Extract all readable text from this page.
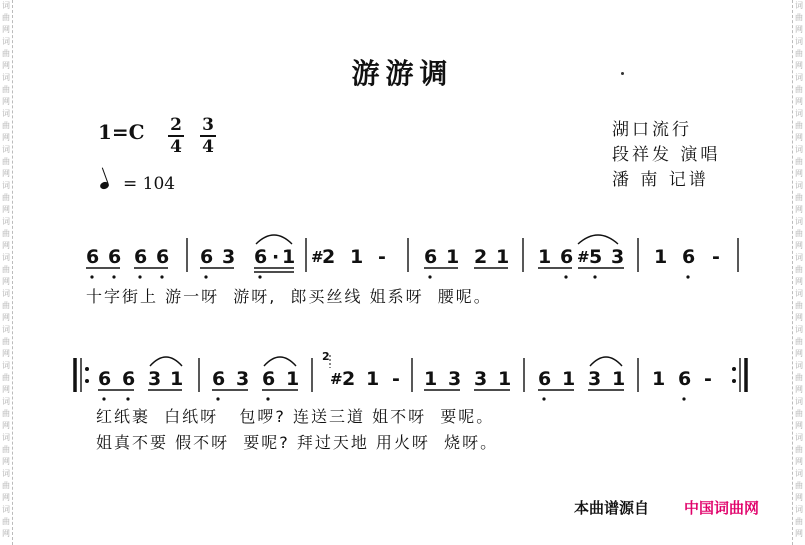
词
曲
网
词
曲
网
词
曲
网
词
曲
网
词
曲
网
词
曲
网
词
曲
网
词
曲
网
词
曲
网
词
曲
网
词
曲
网
词
曲
网
词
曲
网
词
曲
网
词
曲
网
词
曲
网
词
曲
网
词
曲
网
词
曲
网
词
曲
网
词
曲
网
词
曲
网
词
曲
网
词
曲
网
词
曲
网
词
曲
网
词
曲
网
词
曲
网
词
曲
网
词
曲
网
游游调
1=C 2
4
3
4
= 104
湖口流行
段祥发 演唱
潘 南 记谱
6 6 6 6 6 3 6 · 1 #
2 1 - 6 1 2 1 1 6 # 5 3 1 6 -
6 6 3 1 6 3 6 1 # 2 1 - 1 3 3 1 6 1 3 1 1 6 -
2
十字街上 游一呀  游呀,  郎买丝线 姐系呀  腰呢。
红纸裹  白纸呀   包啰? 连送三道 姐不呀  要呢。
姐真不要 假不呀  要呢? 拜过天地 用火呀  烧呀。
本曲谱源自 中国词曲网
